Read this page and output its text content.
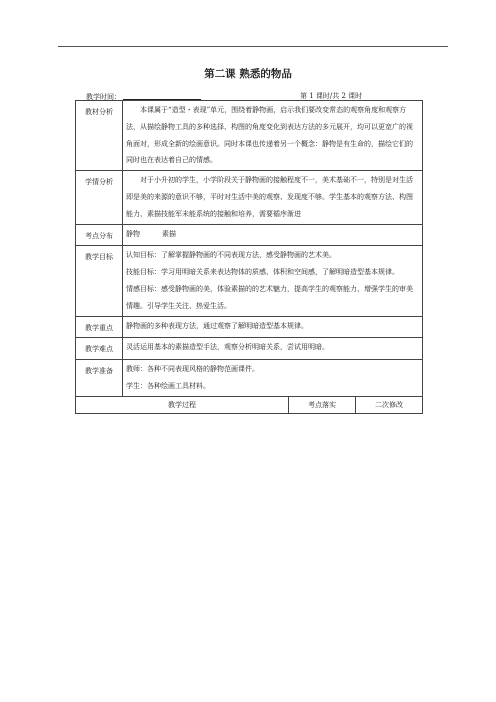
第二课 熟悉的物品
教学时间：	第 1 课时/共 2 课时
教材分析	本课属于“造型・表现”单元，围绕着静物画，启示我们要改变常态的观察角度和观察方法，从描绘静物工具的多种选择、构图的角度变化到表达方法的多元展开，均可以更宽广的视角面对，形成全新的绘画意识。同时本课也传递着另一个概念：静物是有生命的，描绘它们的同时也在表达着自己的情感。		
学情分析	对于小升初的学生，小学阶段关于静物画的接触程度不一，美术基础不一，特别是对生活即是美的来源的意识不够，平时对生活中美的观察、发现度不够。学生基本的观察方法、构图能力、素描技能军未能系统的接触和培养，需要循序渐进		
考点分布	静物 素描		
教学目标	认知目标：了解掌握静物画的不同表现方法，感受静物画的艺术美。

技能目标：学习用明暗关系来表达物体的质感、体积和空间感，了解明暗造型基本规律。

情感目标：感受静物画的美，体验素描的的艺术魅力，提高学生的观察能力、增强学生的审美情趣。引导学生关注、热爱生活。		

教学重点	静物画的多种表现方法，通过观察了解明暗造型基本规律。		
教学难点	灵活运用基本的素描造型手法，观察分析明暗关系，尝试用明暗。		
教学准备	教师：各种不同表现风格的静物范画课件。

学生：各种绘画工具材料。		

教学过程		考点落实	二次修改
